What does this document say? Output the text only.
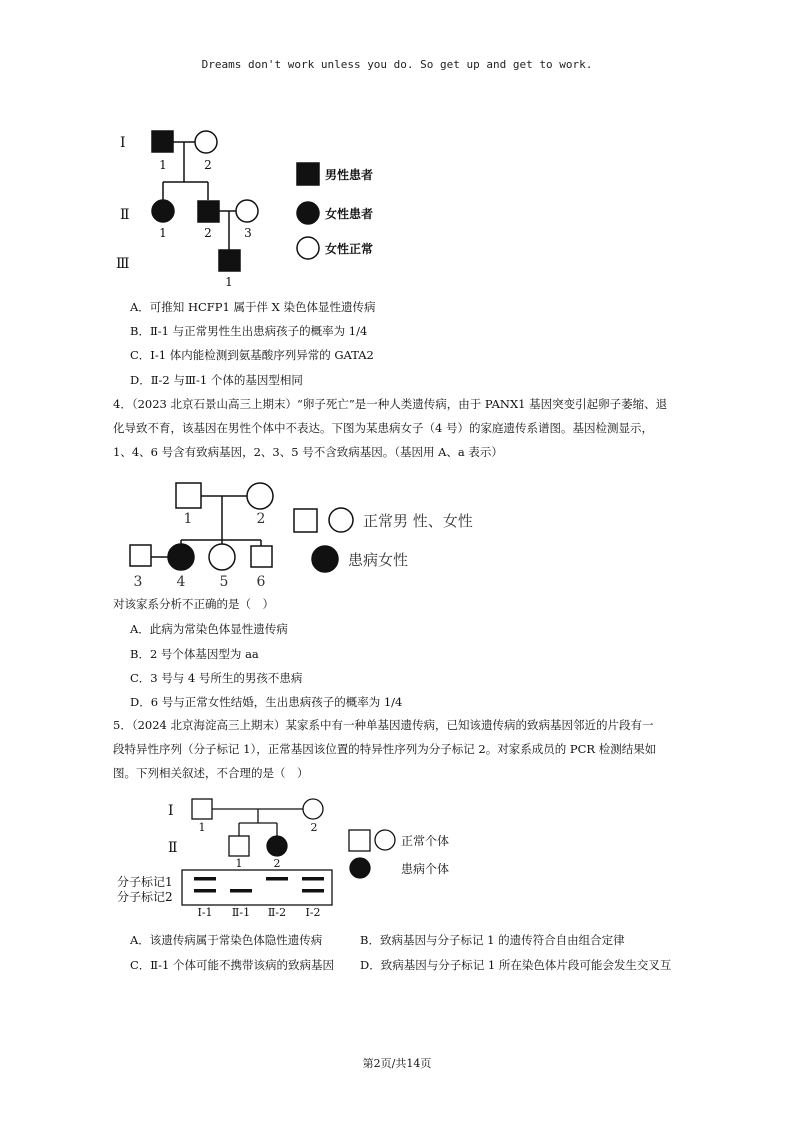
Dreams don't work unless you do. So get up and get to work.
Ⅰ
Ⅱ
Ⅲ
1	2
1	2	3
1
男性患者
女性患者
女性正常
A．可推知 HCFP1 属于伴 X 染色体显性遗传病
B．Ⅱ-1 与正常男性生出患病孩子的概率为 1/4
C．Ⅰ-1 体内能检测到氨基酸序列异常的 GATA2
D．Ⅱ-2 与Ⅲ-1 个体的基因型相同
4．（2023 北京石景山高三上期末）“卵子死亡”是一种人类遗传病，由于 PANX1 基因突变引起卵子萎缩、退
化导致不育，该基因在男性个体中不表达。下图为某患病女子（4 号）的家庭遗传系谱图。基因检测显示，
1、4、6 号含有致病基因，2、3、5 号不含致病基因。（基因用 A、a 表示）
1	2
3 4 5 6
正常男 性、女性
患病女性
对该家系分析不正确的是（　）
A．此病为常染色体显性遗传病
B．2 号个体基因型为 aa
C．3 号与 4 号所生的男孩不患病
D．6 号与正常女性结婚，生出患病孩子的概率为 1/4
5．（2024 北京海淀高三上期末）某家系中有一种单基因遗传病，已知该遗传病的致病基因邻近的片段有一
段特异性序列（分子标记 1），正常基因该位置的特异性序列为分子标记 2。对家系成员的 PCR 检测结果如
图。下列相关叙述，不合理的是（　）
Ⅰ
Ⅱ
1	2
1	2
分子标记1
分子标记2
Ⅰ-1 Ⅱ-1 Ⅱ-2 Ⅰ-2
正常个体
患病个体
A．该遗传病属于常染色体隐性遗传病	B．致病基因与分子标记 1 的遗传符合自由组合定律
C．Ⅱ-1 个体可能不携带该病的致病基因 D．致病基因与分子标记 1 所在染色体片段可能会发生交叉互
第2页/共14页
